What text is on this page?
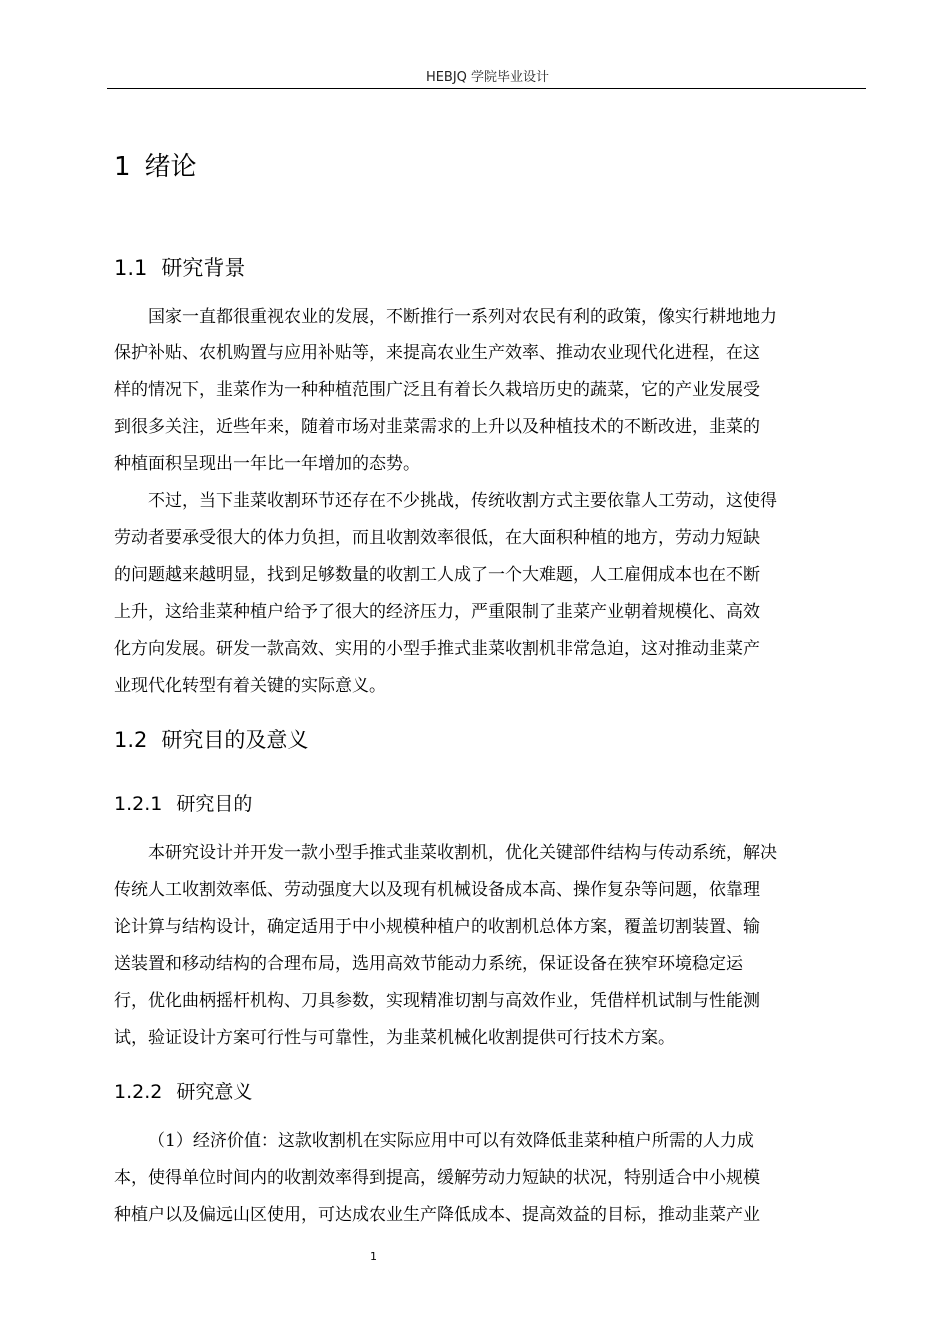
HEBJQ 学院毕业设计
1 绪论
1.1 研究背景
国家一直都很重视农业的发展，不断推行一系列对农民有利的政策，像实行耕地地力
保护补贴、农机购置与应用补贴等，来提高农业生产效率、推动农业现代化进程，在这
样的情况下，韭菜作为一种种植范围广泛且有着长久栽培历史的蔬菜，它的产业发展受
到很多关注，近些年来，随着市场对韭菜需求的上升以及种植技术的不断改进，韭菜的
种植面积呈现出一年比一年增加的态势。
不过，当下韭菜收割环节还存在不少挑战，传统收割方式主要依靠人工劳动，这使得
劳动者要承受很大的体力负担，而且收割效率很低，在大面积种植的地方，劳动力短缺
的问题越来越明显，找到足够数量的收割工人成了一个大难题，人工雇佣成本也在不断
上升，这给韭菜种植户给予了很大的经济压力，严重限制了韭菜产业朝着规模化、高效
化方向发展。研发一款高效、实用的小型手推式韭菜收割机非常急迫，这对推动韭菜产
业现代化转型有着关键的实际意义。
1.2 研究目的及意义
1.2.1 研究目的
本研究设计并开发一款小型手推式韭菜收割机，优化关键部件结构与传动系统，解决
传统人工收割效率低、劳动强度大以及现有机械设备成本高、操作复杂等问题，依靠理
论计算与结构设计，确定适用于中小规模种植户的收割机总体方案，覆盖切割装置、输
送装置和移动结构的合理布局，选用高效节能动力系统，保证设备在狭窄环境稳定运
行，优化曲柄摇杆机构、刀具参数，实现精准切割与高效作业，凭借样机试制与性能测
试，验证设计方案可行性与可靠性，为韭菜机械化收割提供可行技术方案。
1.2.2 研究意义
（1）经济价值：这款收割机在实际应用中可以有效降低韭菜种植户所需的人力成
本，使得单位时间内的收割效率得到提高，缓解劳动力短缺的状况，特别适合中小规模
种植户以及偏远山区使用，可达成农业生产降低成本、提高效益的目标，推动韭菜产业
1
